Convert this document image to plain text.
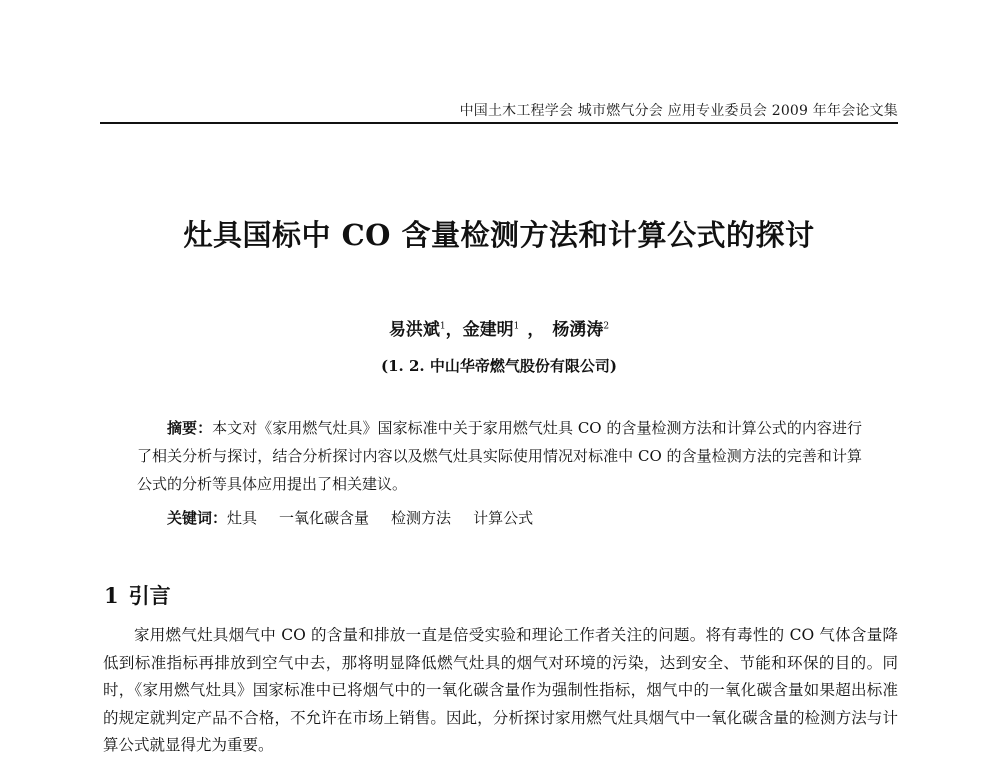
中国土木工程学会 城市燃气分会 应用专业委员会 2009 年年会论文集
灶具国标中 CO 含量检测方法和计算公式的探讨
易洪斌$^1$，金建明$^1$ ， 杨湧涛$^2$
(1. 2. 中山华帝燃气股份有限公司)

摘要：本文对《家用燃气灶具》国家标准中关于家用燃气灶具 CO 的含量检测方法和计算公式的内容进行了相关分析与探讨，结合分析探讨内容以及燃气灶具实际使用情况对标准中 CO 的含量检测方法的完善和计算公式的分析等具体应用提出了相关建议。

关键词：灶具 一氧化碳含量 检测方法 计算公式

1 引言

家用燃气灶具烟气中 CO 的含量和排放一直是倍受实验和理论工作者关注的问题。将有毒性的 CO 气体含量降低到标准指标再排放到空气中去，那将明显降低燃气灶具的烟气对环境的污染，达到安全、节能和环保的目的。同时，《家用燃气灶具》国家标准中已将烟气中的一氧化碳含量作为强制性指标，烟气中的一氧化碳含量如果超出标准的规定就判定产品不合格，不允许在市场上销售。因此，分析探讨家用燃气灶具烟气中一氧化碳含量的检测方法与计算公式就显得尤为重要。
